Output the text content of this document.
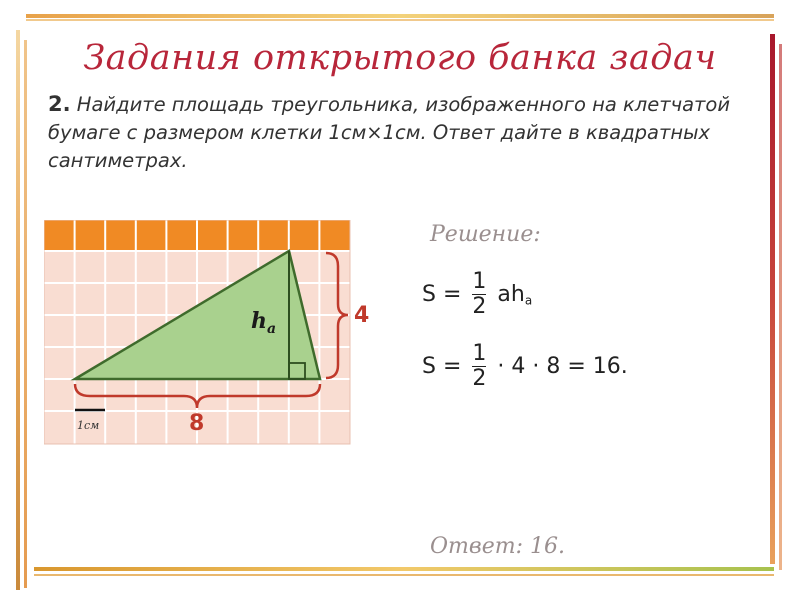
Задания открытого банка задач
2. Найдите площадь треугольника, изображенного на клетчатой бумаге с размером клетки 1см×1см. Ответ дайте в квадратных сантиметрах.
$h_a$
4
8
1см
Решение:
$S = \frac{1}{2} ah_a$
$S = \frac{1}{2} \cdot 4 \cdot 8 = 16$.
Ответ: 16.
